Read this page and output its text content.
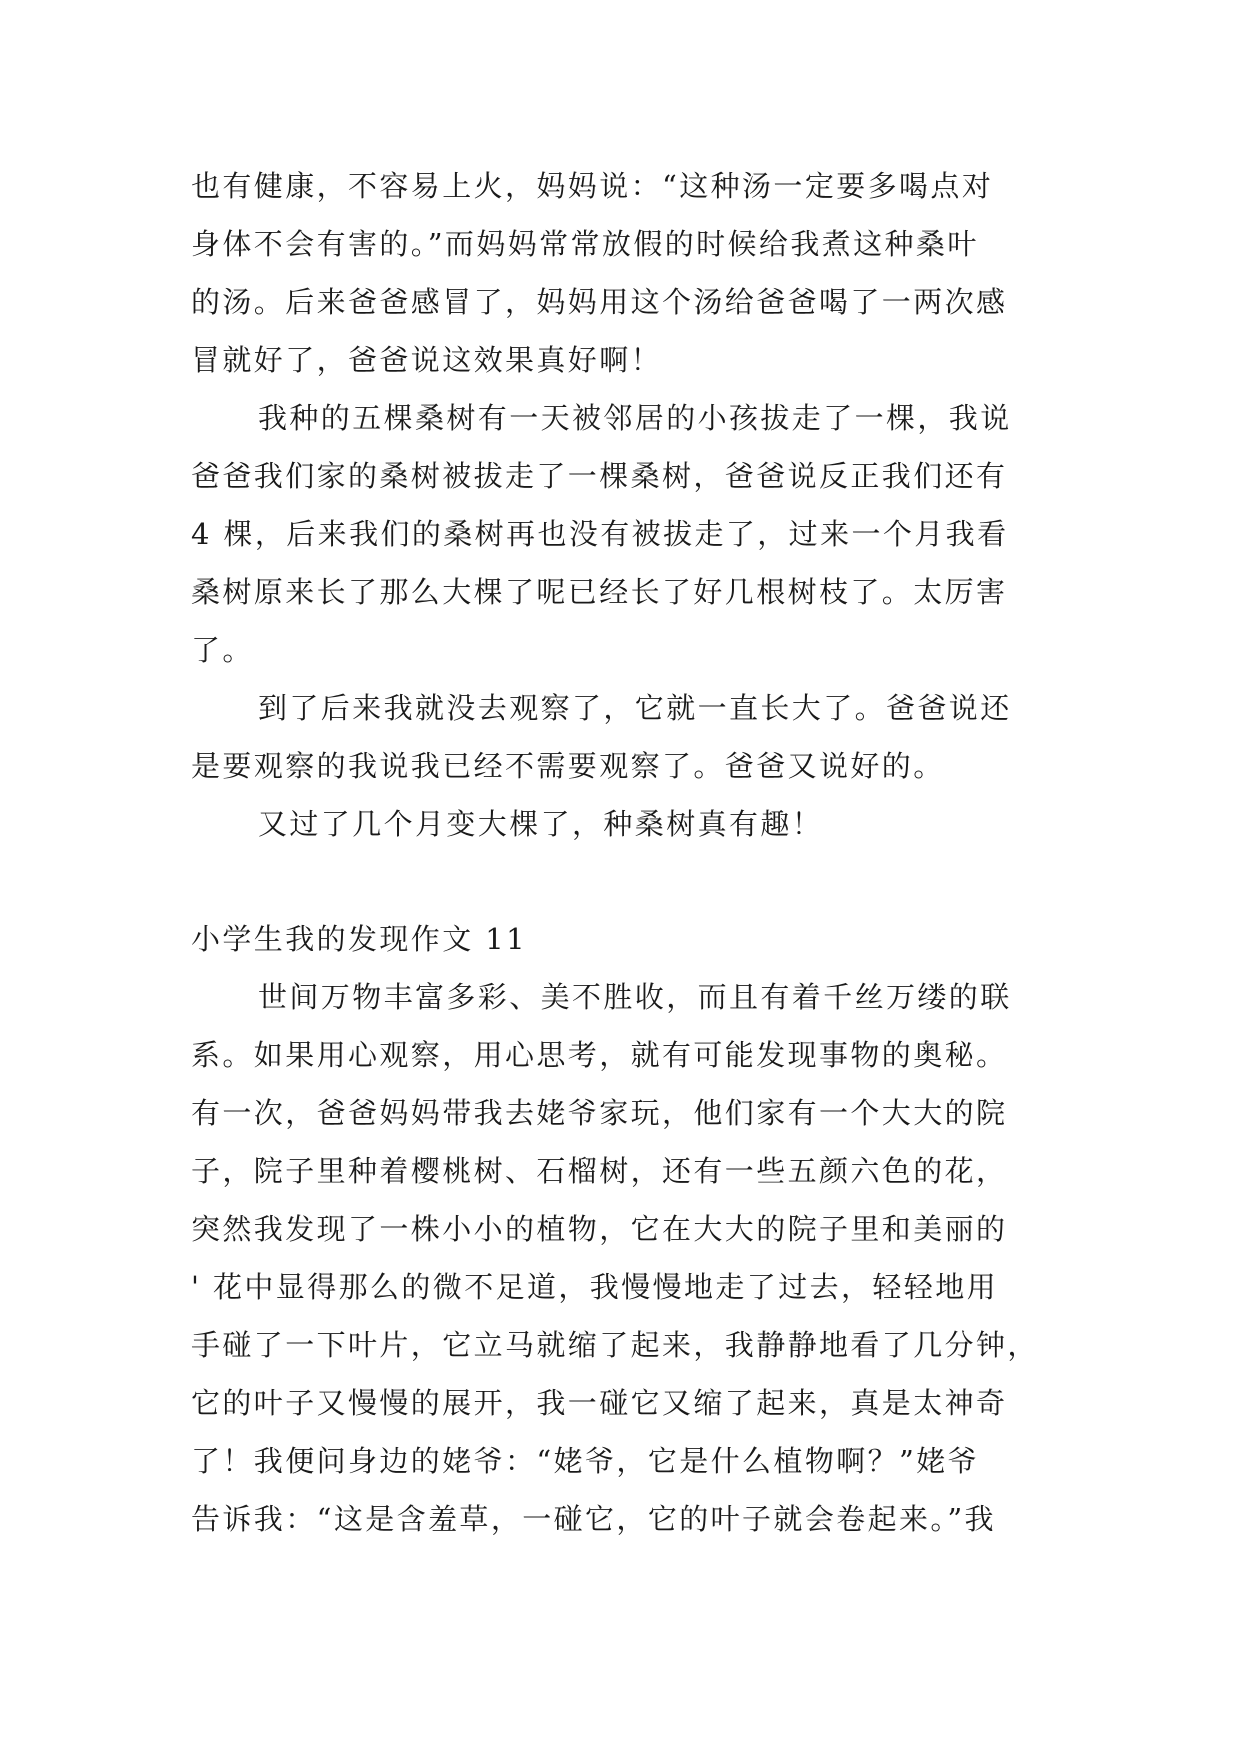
也有健康，不容易上火，妈妈说：“这种汤一定要多喝点对
身体不会有害的。”而妈妈常常放假的时候给我煮这种桑叶
的汤。后来爸爸感冒了，妈妈用这个汤给爸爸喝了一两次感
冒就好了，爸爸说这效果真好啊！
我种的五棵桑树有一天被邻居的小孩拔走了一棵，我说
爸爸我们家的桑树被拔走了一棵桑树，爸爸说反正我们还有
4 棵，后来我们的桑树再也没有被拔走了，过来一个月我看
桑树原来长了那么大棵了呢已经长了好几根树枝了。太厉害
了。
到了后来我就没去观察了，它就一直长大了。爸爸说还
是要观察的我说我已经不需要观察了。爸爸又说好的。
又过了几个月变大棵了，种桑树真有趣！
小学生我的发现作文 11
世间万物丰富多彩、美不胜收，而且有着千丝万缕的联
系。如果用心观察，用心思考，就有可能发现事物的奥秘。
有一次，爸爸妈妈带我去姥爷家玩，他们家有一个大大的院
子，院子里种着樱桃树、石榴树，还有一些五颜六色的花，
突然我发现了一株小小的植物，它在大大的院子里和美丽的
' 花中显得那么的微不足道，我慢慢地走了过去，轻轻地用
手碰了一下叶片，它立马就缩了起来，我静静地看了几分钟，
它的叶子又慢慢的展开，我一碰它又缩了起来，真是太神奇
了！我便问身边的姥爷：“姥爷，它是什么植物啊？”姥爷
告诉我：“这是含羞草，一碰它，它的叶子就会卷起来。”我
